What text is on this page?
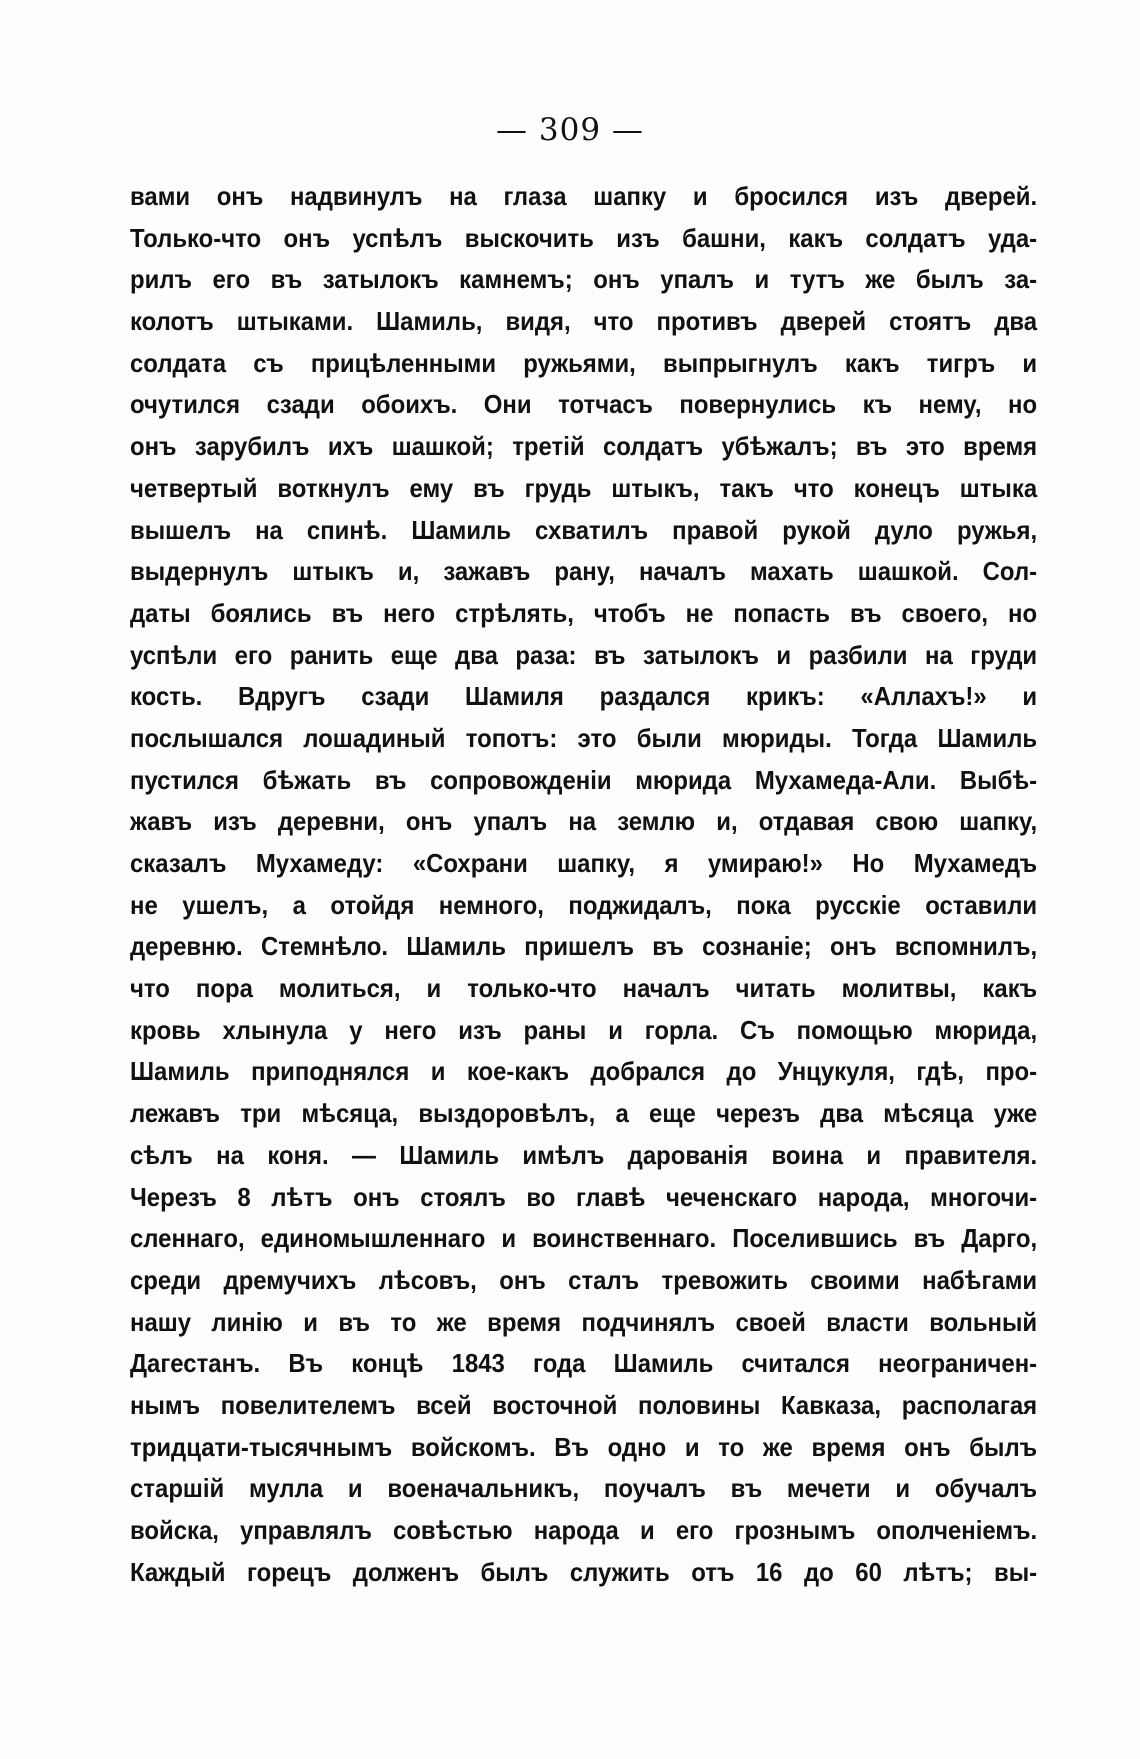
— 309 —
вами онъ надвинулъ на глаза шапку и бросился изъ дверей.
Только-что онъ успѣлъ выскочить изъ башни, какъ солдатъ уда-
рилъ его въ затылокъ камнемъ; онъ упалъ и тутъ же былъ за-
колотъ штыками. Шамиль, видя, что противъ дверей стоятъ два
солдата съ прицѣленными ружьями, выпрыгнулъ какъ тигръ и
очутился сзади обоихъ. Они тотчасъ повернулись къ нему, но
онъ зарубилъ ихъ шашкой; третій солдатъ убѣжалъ; въ это время
четвертый воткнулъ ему въ грудь штыкъ, такъ что конецъ штыка
вышелъ на спинѣ. Шамиль схватилъ правой рукой дуло ружья,
выдернулъ штыкъ и, зажавъ рану, началъ махать шашкой. Сол-
даты боялись въ него стрѣлять, чтобъ не попасть въ своего, но
успѣли его ранить еще два раза: въ затылокъ и разбили на груди
кость. Вдругъ сзади Шамиля раздался крикъ: «Аллахъ!» и
послышался лошадиный топотъ: это были мюриды. Тогда Шамиль
пустился бѣжать въ сопровожденіи мюрида Мухамеда-Али. Выбѣ-
жавъ изъ деревни, онъ упалъ на землю и, отдавая свою шапку,
сказалъ Мухамеду: «Сохрани шапку, я умираю!» Но Мухамедъ
не ушелъ, а отойдя немного, поджидалъ, пока русскіе оставили
деревню. Стемнѣло. Шамиль пришелъ въ сознаніе; онъ вспомнилъ,
что пора молиться, и только-что началъ читать молитвы, какъ
кровь хлынула у него изъ раны и горла. Съ помощью мюрида,
Шамиль приподнялся и кое-какъ добрался до Унцукуля, гдѣ, про-
лежавъ три мѣсяца, выздоровѣлъ, а еще черезъ два мѣсяца уже
сѣлъ на коня. — Шамиль имѣлъ дарованія воина и правителя.
Черезъ 8 лѣтъ онъ стоялъ во главѣ чеченскаго народа, многочи-
сленнаго, единомышленнаго и воинственнаго. Поселившись въ Дарго,
среди дремучихъ лѣсовъ, онъ сталъ тревожить своими набѣгами
нашу линію и въ то же время подчинялъ своей власти вольный
Дагестанъ. Въ концѣ 1843 года Шамиль считался неограничен-
нымъ повелителемъ всей восточной половины Кавказа, располагая
тридцати-тысячнымъ войскомъ. Въ одно и то же время онъ былъ
старшій мулла и военачальникъ, поучалъ въ мечети и обучалъ
войска, управлялъ совѣстью народа и его грознымъ ополченіемъ.
Каждый горецъ долженъ былъ служить отъ 16 до 60 лѣтъ; вы-
